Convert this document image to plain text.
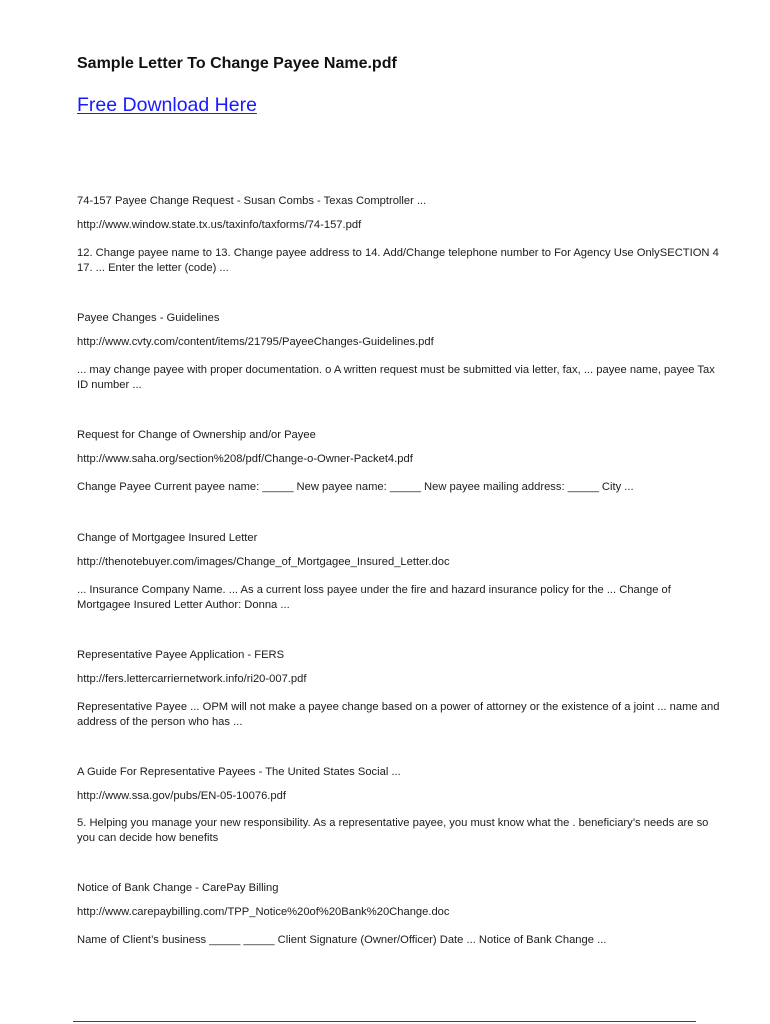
Sample Letter To Change Payee Name.pdf
Free Download Here

74-157 Payee Change Request - Susan Combs - Texas Comptroller ...

http://www.window.state.tx.us/taxinfo/taxforms/74-157.pdf

12. Change payee name to 13. Change payee address to 14. Add/Change telephone number to For Agency Use OnlySECTION 4 17. ... Enter the letter (code) ...

Payee Changes - Guidelines

http://www.cvty.com/content/items/21795/PayeeChanges-Guidelines.pdf

... may change payee with proper documentation. o A written request must be submitted via letter, fax, ... payee name, payee Tax ID number ...

Request for Change of Ownership and/or Payee

http://www.saha.org/section%208/pdf/Change-o-Owner-Packet4.pdf

Change Payee Current payee name: _____ New payee name: _____ New payee mailing address: _____ City ...

Change of Mortgagee Insured Letter

http://thenotebuyer.com/images/Change_of_Mortgagee_Insured_Letter.doc

... Insurance Company Name. ... As a current loss payee under the fire and hazard insurance policy for the ... Change of Mortgagee Insured Letter Author: Donna ...

Representative Payee Application - FERS

http://fers.lettercarriernetwork.info/ri20-007.pdf

Representative Payee ... OPM will not make a payee change based on a power of attorney or the existence of a joint ... name and address of the person who has ...

A Guide For Representative Payees - The United States Social ...

http://www.ssa.gov/pubs/EN-05-10076.pdf

5. Helping you manage your new responsibility. As a representative payee, you must know what the . beneficiary’s needs are so you can decide how benefits

Notice of Bank Change - CarePay Billing

http://www.carepaybilling.com/TPP_Notice%20of%20Bank%20Change.doc

Name of Client’s business _____ _____ Client Signature (Owner/Officer) Date ... Notice of Bank Change ...
